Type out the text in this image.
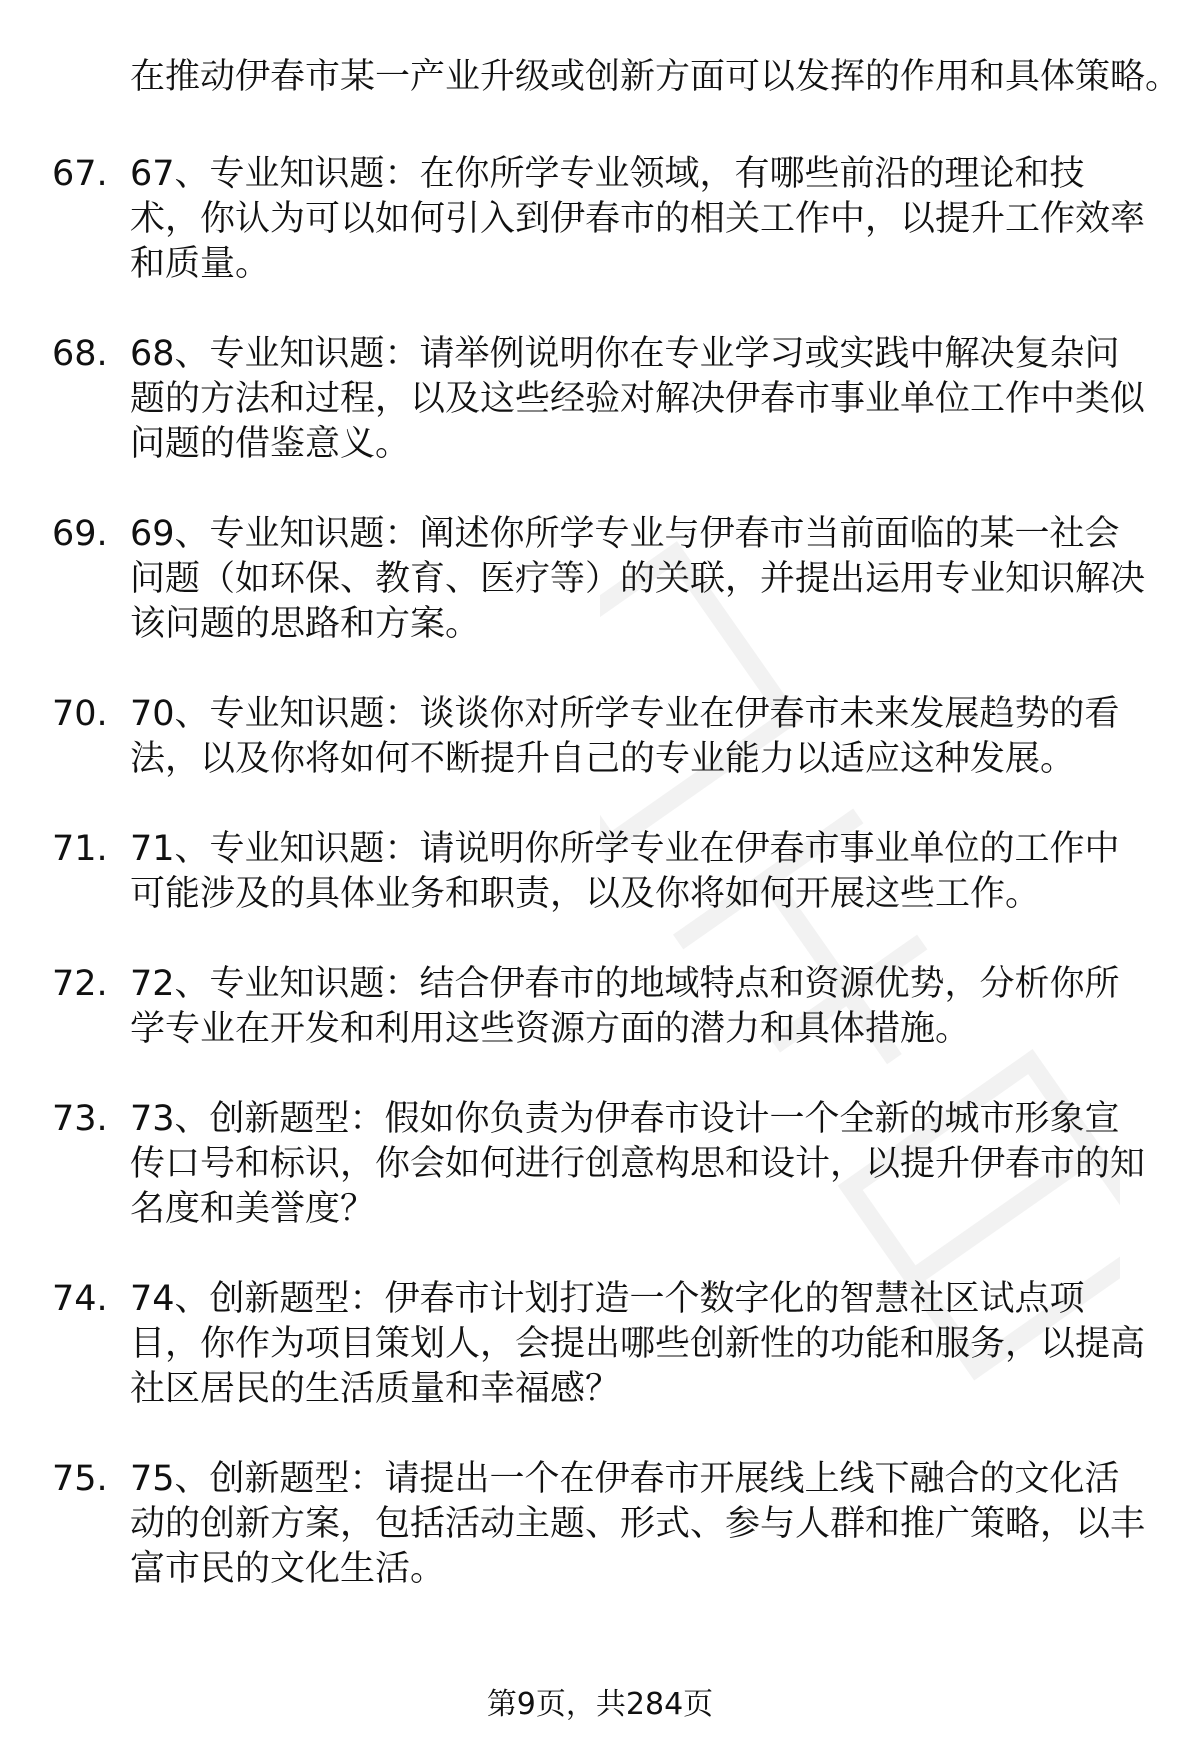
在推动伊春市某一产业升级或创新方面可以发挥的作用和具体策略。

67. 67、专业知识题：在你所学专业领域，有哪些前沿的理论和技术，你认为可以如何引入到伊春市的相关工作中，以提升工作效率和质量。
68. 68、专业知识题：请举例说明你在专业学习或实践中解决复杂问题的方法和过程，以及这些经验对解决伊春市事业单位工作中类似问题的借鉴意义。
69. 69、专业知识题：阐述你所学专业与伊春市当前面临的某一社会问题（如环保、教育、医疗等）的关联，并提出运用专业知识解决该问题的思路和方案。
70. 70、专业知识题：谈谈你对所学专业在伊春市未来发展趋势的看法，以及你将如何不断提升自己的专业能力以适应这种发展。
71. 71、专业知识题：请说明你所学专业在伊春市事业单位的工作中可能涉及的具体业务和职责，以及你将如何开展这些工作。
72. 72、专业知识题：结合伊春市的地域特点和资源优势，分析你所学专业在开发和利用这些资源方面的潜力和具体措施。
73. 73、创新题型：假如你负责为伊春市设计一个全新的城市形象宣传口号和标识，你会如何进行创意构思和设计，以提升伊春市的知名度和美誉度？
74. 74、创新题型：伊春市计划打造一个数字化的智慧社区试点项目，你作为项目策划人，会提出哪些创新性的功能和服务，以提高社区居民的生活质量和幸福感？
75. 75、创新题型：请提出一个在伊春市开展线上线下融合的文化活动的创新方案，包括活动主题、形式、参与人群和推广策略，以丰富市民的文化生活。
第9页，共284页
